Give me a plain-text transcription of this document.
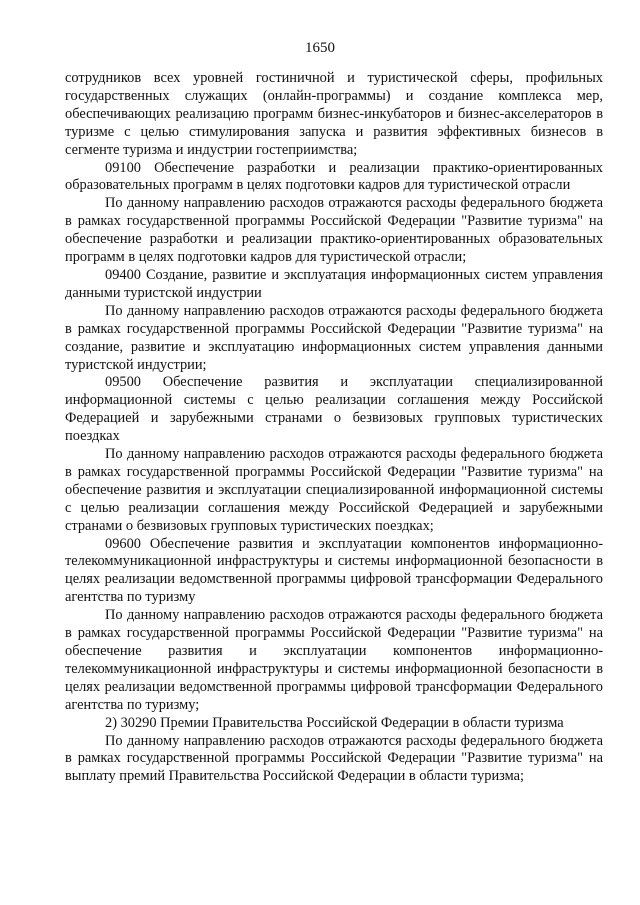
1650

сотрудников всех уровней гостиничной и туристической сферы, профильных государственных служащих (онлайн-программы) и создание комплекса мер, обеспечивающих реализацию программ бизнес-инкубаторов и бизнес-акселераторов в туризме с целью стимулирования запуска и развития эффективных бизнесов в сегменте туризма и индустрии гостеприимства;

09100 Обеспечение разработки и реализации практико-ориентированных образовательных программ в целях подготовки кадров для туристической отрасли

По данному направлению расходов отражаются расходы федерального бюджета в рамках государственной программы Российской Федерации "Развитие туризма" на обеспечение разработки и реализации практико-ориентированных образовательных программ в целях подготовки кадров для туристической отрасли;

09400 Создание, развитие и эксплуатация информационных систем управления данными туристской индустрии

По данному направлению расходов отражаются расходы федерального бюджета в рамках государственной программы Российской Федерации "Развитие туризма" на создание, развитие и эксплуатацию информационных систем управления данными туристской индустрии;

09500 Обеспечение развития и эксплуатации специализированной информационной системы с целью реализации соглашения между Российской Федерацией и зарубежными странами о безвизовых групповых туристических поездках

По данному направлению расходов отражаются расходы федерального бюджета в рамках государственной программы Российской Федерации "Развитие туризма" на обеспечение развития и эксплуатации специализированной информационной системы с целью реализации соглашения между Российской Федерацией и зарубежными странами о безвизовых групповых туристических поездках;

09600 Обеспечение развития и эксплуатации компонентов информационно-телекоммуникационной инфраструктуры и системы информационной безопасности в целях реализации ведомственной программы цифровой трансформации Федерального агентства по туризму

По данному направлению расходов отражаются расходы федерального бюджета в рамках государственной программы Российской Федерации "Развитие туризма" на обеспечение развития и эксплуатации компонентов информационно-телекоммуникационной инфраструктуры и системы информационной безопасности в целях реализации ведомственной программы цифровой трансформации Федерального агентства по туризму;

2) 30290 Премии Правительства Российской Федерации в области туризма

По данному направлению расходов отражаются расходы федерального бюджета в рамках государственной программы Российской Федерации "Развитие туризма" на выплату премий Правительства Российской Федерации в области туризма;
